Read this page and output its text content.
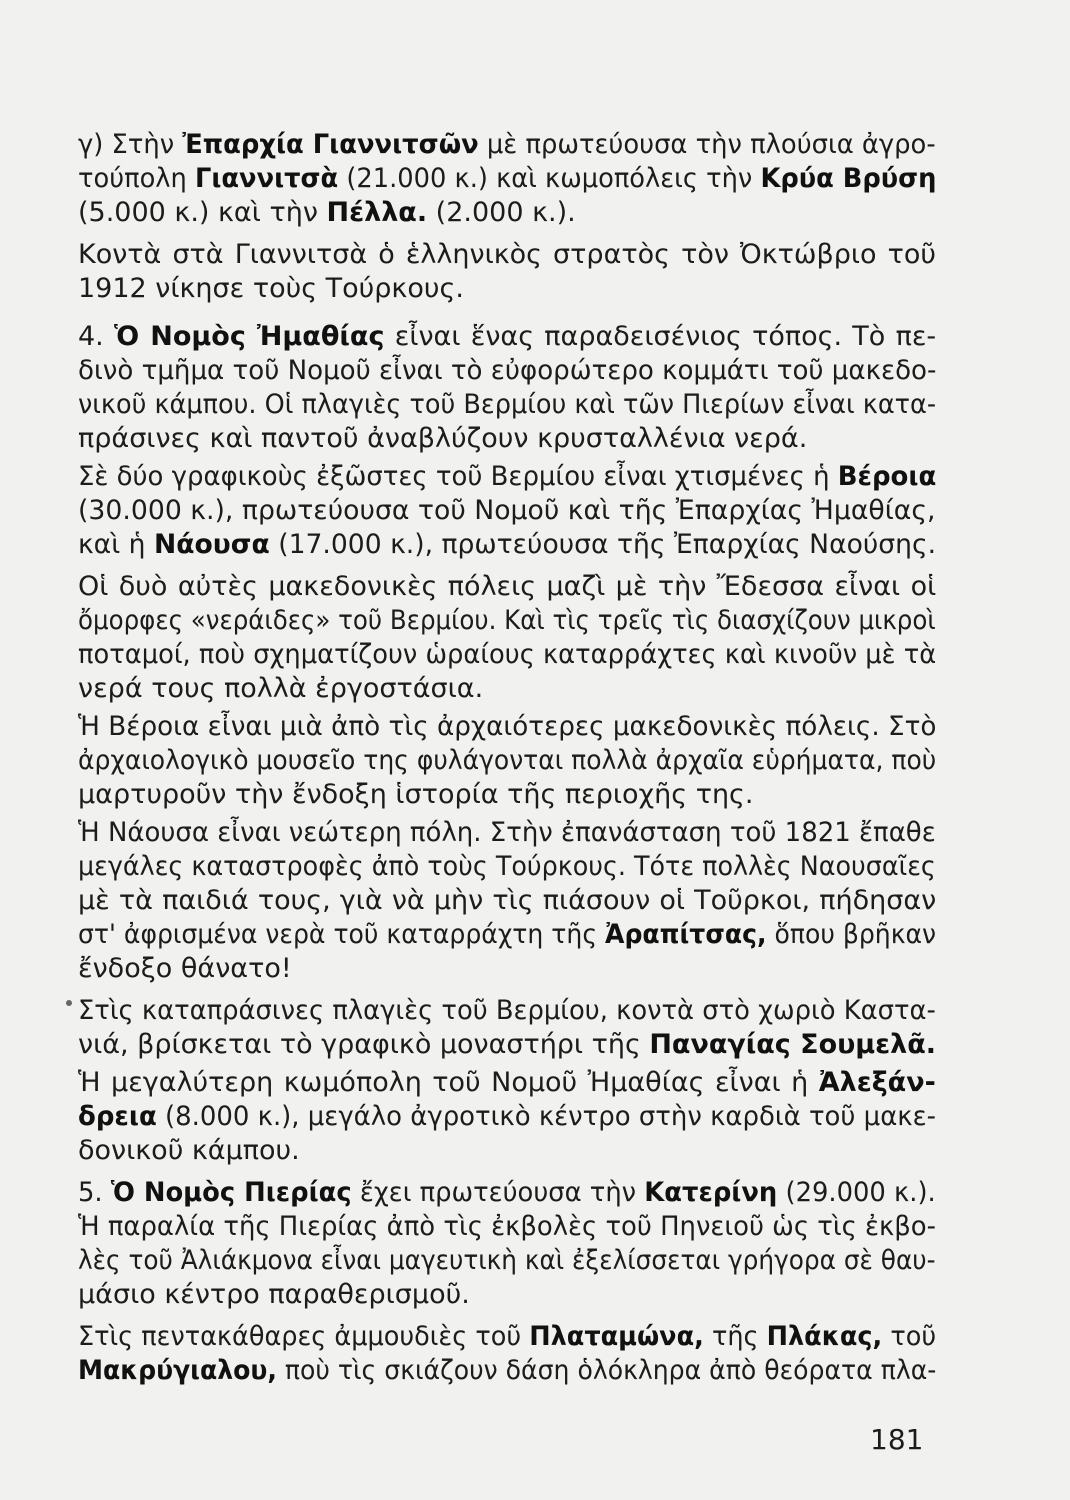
γ) Στὴν Ἐπαρχία Γιαννιτσῶν μὲ πρωτεύουσα τὴν πλούσια ἀγρο-
τούπολη Γιαννιτσὰ (21.000 κ.) καὶ κωμοπόλεις τὴν Κρύα Βρύση
(5.000 κ.) καὶ τὴν Πέλλα. (2.000 κ.).
Κοντὰ στὰ Γιαννιτσὰ ὁ ἑλληνικὸς στρατὸς τὸν Ὀκτώβριο τοῦ
1912 νίκησε τοὺς Τούρκους.
4. Ὁ Νομὸς Ἠμαθίας εἶναι ἕνας παραδεισένιος τόπος. Τὸ πε-
δινὸ τμῆμα τοῦ Νομοῦ εἶναι τὸ εὐφορώτερο κομμάτι τοῦ μακεδο-
νικοῦ κάμπου. Οἱ πλαγιὲς τοῦ Βερμίου καὶ τῶν Πιερίων εἶναι κατα-
πράσινες καὶ παντοῦ ἀναβλύζουν κρυσταλλένια νερά.
Σὲ δύο γραφικοὺς ἐξῶστες τοῦ Βερμίου εἶναι χτισμένες ἡ Βέροια
(30.000 κ.), πρωτεύουσα τοῦ Νομοῦ καὶ τῆς Ἐπαρχίας Ἠμαθίας,
καὶ ἡ Νάουσα (17.000 κ.), πρωτεύουσα τῆς Ἐπαρχίας Ναούσης.
Οἱ δυὸ αὐτὲς μακεδονικὲς πόλεις μαζὶ μὲ τὴν Ἔδεσσα εἶναι οἱ
ὄμορφες «νεράιδες» τοῦ Βερμίου. Καὶ τὶς τρεῖς τὶς διασχίζουν μικροὶ
ποταμοί, ποὺ σχηματίζουν ὡραίους καταρράχτες καὶ κινοῦν μὲ τὰ
νερά τους πολλὰ ἐργοστάσια.
Ἡ Βέροια εἶναι μιὰ ἀπὸ τὶς ἀρχαιότερες μακεδονικὲς πόλεις. Στὸ
ἀρχαιολογικὸ μουσεῖο της φυλάγονται πολλὰ ἀρχαῖα εὑρήματα, ποὺ
μαρτυροῦν τὴν ἔνδοξη ἱστορία τῆς περιοχῆς της.
Ἡ Νάουσα εἶναι νεώτερη πόλη. Στὴν ἐπανάσταση τοῦ 1821 ἔπαθε
μεγάλες καταστροφὲς ἀπὸ τοὺς Τούρκους. Τότε πολλὲς Ναουσαῖες
μὲ τὰ παιδιά τους, γιὰ νὰ μὴν τὶς πιάσουν οἱ Τοῦρκοι, πήδησαν
στ' ἀφρισμένα νερὰ τοῦ καταρράχτη τῆς Ἀραπίτσας, ὅπου βρῆκαν
ἔνδοξο θάνατο!
Στὶς καταπράσινες πλαγιὲς τοῦ Βερμίου, κοντὰ στὸ χωριὸ Καστα-
νιά, βρίσκεται τὸ γραφικὸ μοναστήρι τῆς Παναγίας Σουμελᾶ.
Ἡ μεγαλύτερη κωμόπολη τοῦ Νομοῦ Ἠμαθίας εἶναι ἡ Ἀλεξάν-
δρεια (8.000 κ.), μεγάλο ἀγροτικὸ κέντρο στὴν καρδιὰ τοῦ μακε-
δονικοῦ κάμπου.
5. Ὁ Νομὸς Πιερίας ἔχει πρωτεύουσα τὴν Κατερίνη (29.000 κ.).
Ἡ παραλία τῆς Πιερίας ἀπὸ τὶς ἐκβολὲς τοῦ Πηνειοῦ ὡς τὶς ἐκβο-
λὲς τοῦ Ἀλιάκμονα εἶναι μαγευτικὴ καὶ ἐξελίσσεται γρήγορα σὲ θαυ-
μάσιο κέντρο παραθερισμοῦ.
Στὶς πεντακάθαρες ἀμμουδιὲς τοῦ Πλαταμώνα, τῆς Πλάκας, τοῦ
Μακρύγιαλου, ποὺ τὶς σκιάζουν δάση ὁλόκληρα ἀπὸ θεόρατα πλα-
181
